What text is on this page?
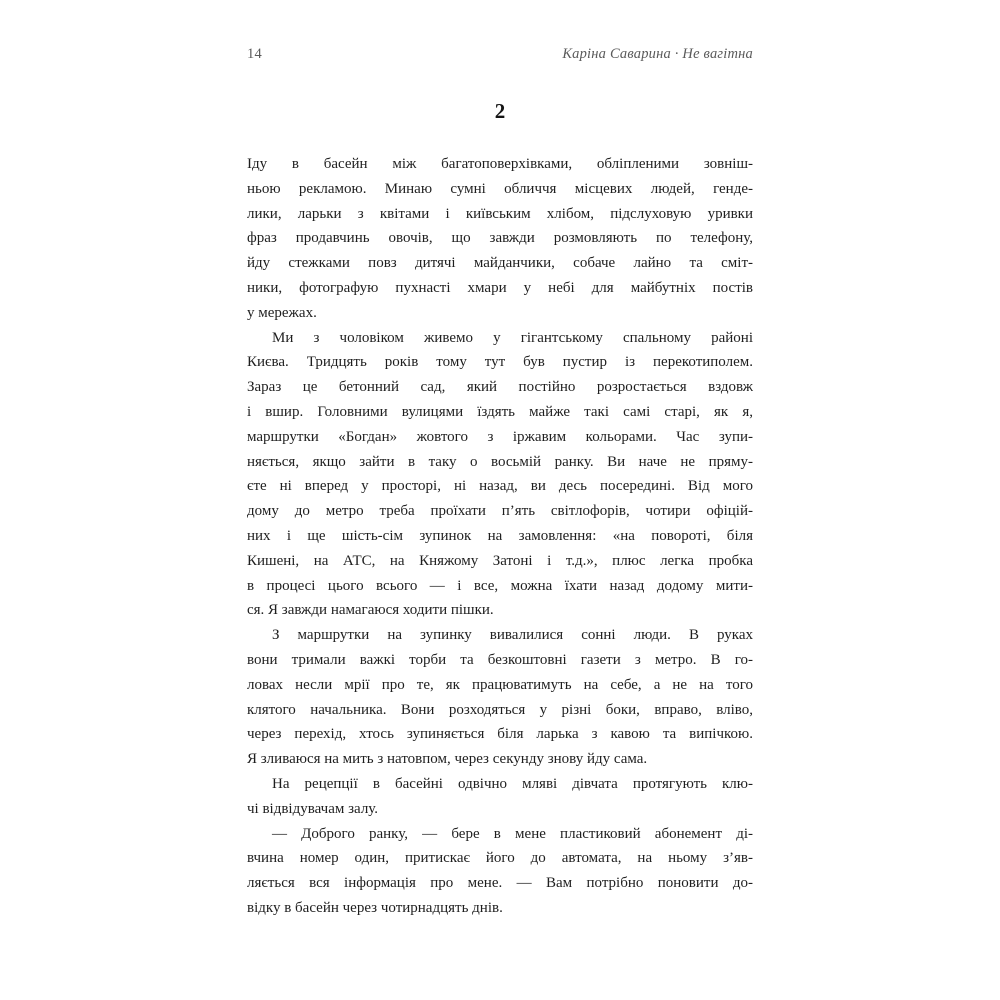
14	Каріна Саварина · Не вагітна
2
Іду в басейн між багатоповерхівками, обліпленими зовніш-
ньою рекламою. Минаю сумні обличчя місцевих людей, генде-
лики, ларьки з квітами і київським хлібом, підслуховую уривки
фраз продавчинь овочів, що завжди розмовляють по телефону,
йду стежками повз дитячі майданчики, собаче лайно та сміт-
ники, фотографую пухнасті хмари у небі для майбутніх постів
у мережах.
Ми з чоловіком живемо у гігантському спальному районі
Києва. Тридцять років тому тут був пустир із перекотиполем.
Зараз це бетонний сад, який постійно розростається вздовж
і вшир. Головними вулицями їздять майже такі самі старі, як я,
маршрутки «Богдан» жовтого з іржавим кольорами. Час зупи-
няється, якщо зайти в таку о восьмій ранку. Ви наче не пряму-
єте ні вперед у просторі, ні назад, ви десь посередині. Від мого
дому до метро треба проїхати п’ять світлофорів, чотири офіцій-
них і ще шість-сім зупинок на замовлення: «на повороті, біля
Кишені, на АТС, на Княжому Затоні і т.д.», плюс легка пробка
в процесі цього всього — і все, можна їхати назад додому мити-
ся. Я завжди намагаюся ходити пішки.
З маршрутки на зупинку вивалилися сонні люди. В руках
вони тримали важкі торби та безкоштовні газети з метро. В го-
ловах несли мрії про те, як працюватимуть на себе, а не на того
клятого начальника. Вони розходяться у різні боки, вправо, вліво,
через перехід, хтось зупиняється біля ларька з кавою та випічкою.
Я зливаюся на мить з натовпом, через секунду знову йду сама.
На рецепції в басейні одвічно мляві дівчата протягують клю-
чі відвідувачам залу.
— Доброго ранку, — бере в мене пластиковий абонемент ді-
вчина номер один, притискає його до автомата, на ньому з’яв-
ляється вся інформація про мене. — Вам потрібно поновити до-
відку в басейн через чотирнадцять днів.
